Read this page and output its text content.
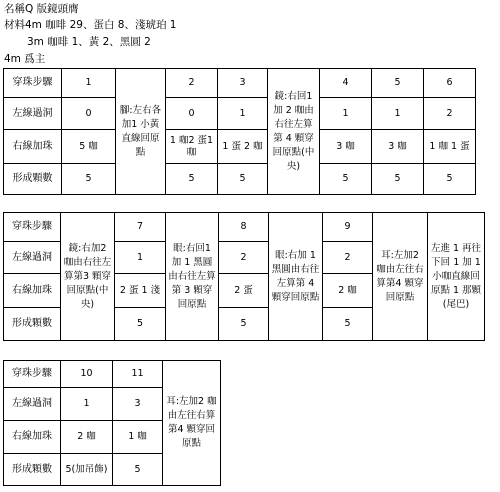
名稱Q 版鏡頭膺
材料4m 咖啡 29、蛋白 8、淺琥珀 1
3m 咖啡 1、黃 2、黑圓 2
4m 爲主
穿珠步驟	1	腳:左右各加1 小黃直線回原點	2	3	鏡:右回1 加 2 咖由右往左算第 4 顆穿回原點(中央)	4	5	6
左線過洞	0		0	1		1	1	2
右線加珠	5 咖		1 咖2 蛋1 咖	1 蛋 2 咖		3 咖	3 咖	1 咖 1 蛋
形成顆數	5		5	5		5	5	5
穿珠步驟	鏡:右加2 咖由右往左算第3 顆穿回原點(中央)	7	眼:右回1 加 1 黑圓由右往左算第 3 顆穿回原點	8	眼:右加 1 黑圓由右往左算第 4 顆穿回原點	9	耳:左加2 咖由左往右算第4 顆穿回原點	左進 1 再往下回 1 加 1 小咖直線回原點 1 那顆(尾巴)
左線過洞		1		2		2		
右線加珠		2 蛋 1 淺		2 蛋		2 咖		
形成顆數		5		5		5		
穿珠步驟	10	11	耳:左加2 咖由左往右算第4 顆穿回原點
左線過洞	1	3	
右線加珠	2 咖	1 咖	
形成顆數	5(加吊飾)	5	
